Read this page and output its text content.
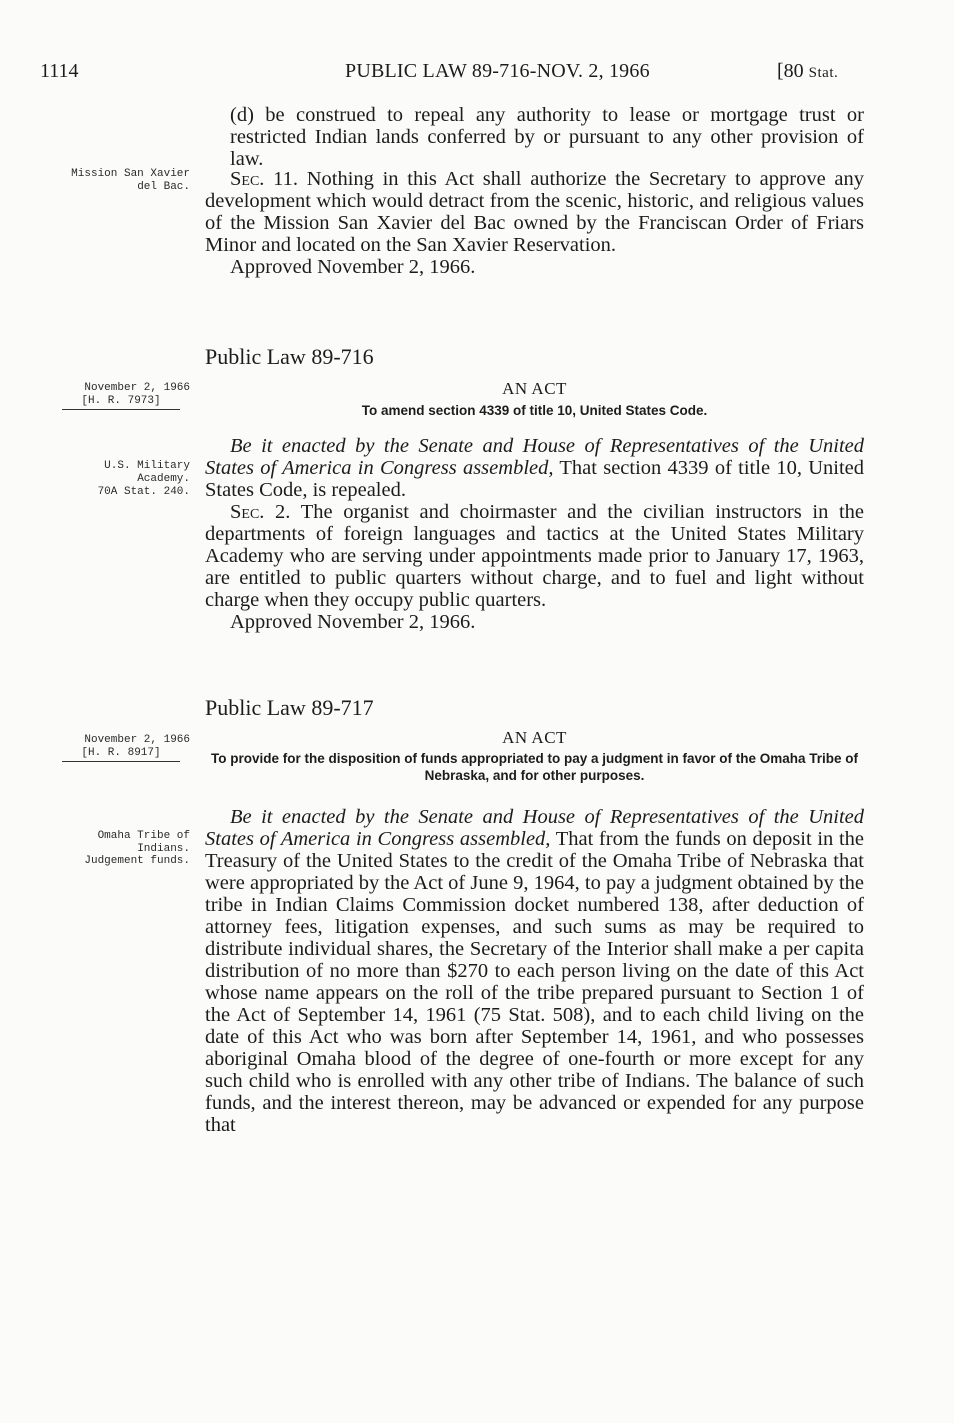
1114	PUBLIC LAW 89-716-NOV. 2, 1966	[80 Stat.

(d) be construed to repeal any authority to lease or mortgage trust or restricted Indian lands conferred by or pursuant to any other provision of law.

Mission San Xavier del Bac.	Sec. 11. Nothing in this Act shall authorize the Secretary to approve any development which would detract from the scenic, historic, and religious values of the Mission San Xavier del Bac owned by the Franciscan Order of Friars Minor and located on the San Xavier Reservation.

Approved November 2, 1966.

Public Law 89-716
November 2, 1966
[H. R. 7973]
AN ACT
To amend section 4339 of title 10, United States Code.
U.S. Military Academy.
70A Stat. 240.

Be it enacted by the Senate and House of Representatives of the United States of America in Congress assembled, That section 4339 of title 10, United States Code, is repealed.

Sec. 2. The organist and choirmaster and the civilian instructors in the departments of foreign languages and tactics at the United States Military Academy who are serving under appointments made prior to January 17, 1963, are entitled to public quarters without charge, and to fuel and light without charge when they occupy public quarters.

Approved November 2, 1966.

Public Law 89-717
November 2, 1966
[H. R. 8917]
AN ACT
To provide for the disposition of funds appropriated to pay a judgment in favor of the Omaha Tribe of Nebraska, and for other purposes.
Omaha Tribe of Indians.
Judgement funds.

Be it enacted by the Senate and House of Representatives of the United States of America in Congress assembled, That from the funds on deposit in the Treasury of the United States to the credit of the Omaha Tribe of Nebraska that were appropriated by the Act of June 9, 1964, to pay a judgment obtained by the tribe in Indian Claims Commission docket numbered 138, after deduction of attorney fees, litigation expenses, and such sums as may be required to distribute individual shares, the Secretary of the Interior shall make a per capita distribution of no more than $270 to each person living on the date of this Act whose name appears on the roll of the tribe prepared pursuant to Section 1 of the Act of September 14, 1961 (75 Stat. 508), and to each child living on the date of this Act who was born after September 14, 1961, and who possesses aboriginal Omaha blood of the degree of one-fourth or more except for any such child who is enrolled with any other tribe of Indians. The balance of such funds, and the interest thereon, may be advanced or expended for any purpose that
